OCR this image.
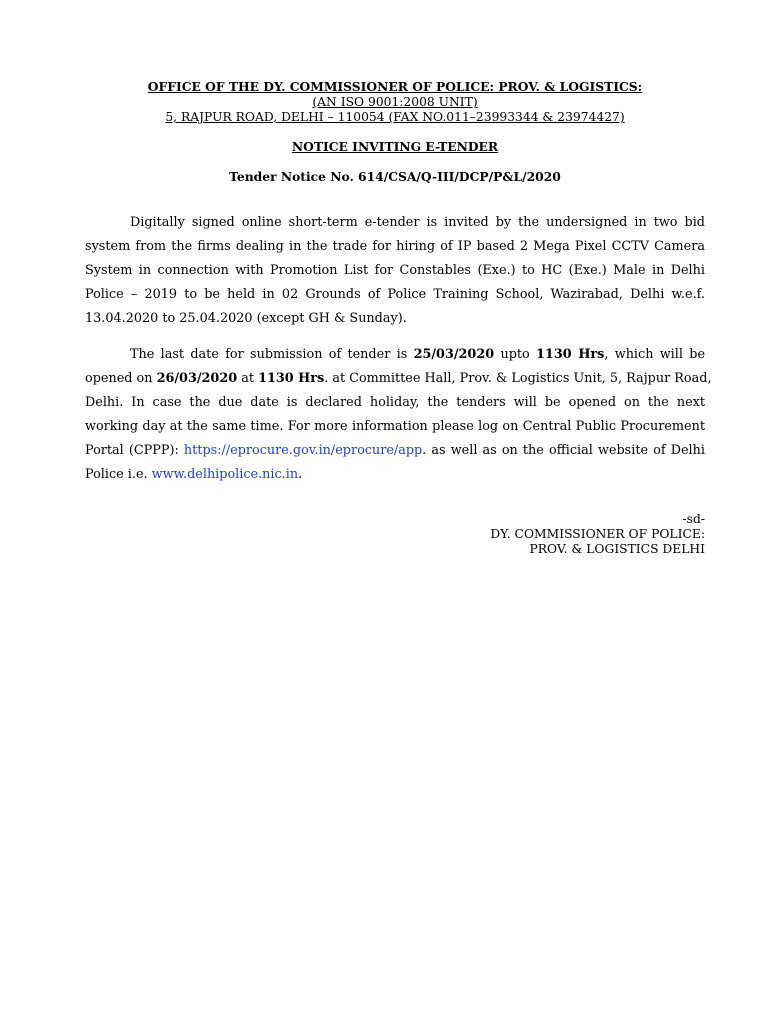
OFFICE OF THE DY. COMMISSIONER OF POLICE: PROV. & LOGISTICS:
(AN ISO 9001:2008 UNIT)
5, RAJPUR ROAD, DELHI – 110054 (FAX NO.011–23993344 & 23974427)
NOTICE INVITING E-TENDER
Tender Notice No. 614/CSA/Q-III/DCP/P&L/2020
Digitally signed online short-term e-tender is invited by the undersigned in two bid
system from the firms dealing in the trade for hiring of IP based 2 Mega Pixel CCTV Camera
System in connection with Promotion List for Constables (Exe.) to HC (Exe.) Male in Delhi
Police – 2019 to be held in 02 Grounds of Police Training School, Wazirabad, Delhi w.e.f.
13.04.2020 to 25.04.2020 (except GH & Sunday).
The last date for submission of tender is 25/03/2020 upto 1130 Hrs, which will be
opened on 26/03/2020 at 1130 Hrs. at Committee Hall, Prov. & Logistics Unit, 5, Rajpur Road,
Delhi. In case the due date is declared holiday, the tenders will be opened on the next
working day at the same time. For more information please log on Central Public Procurement
Portal (CPPP): https://eprocure.gov.in/eprocure/app. as well as on the official website of Delhi
Police i.e. www.delhipolice.nic.in.
-sd-
DY. COMMISSIONER OF POLICE:
PROV. & LOGISTICS DELHI
